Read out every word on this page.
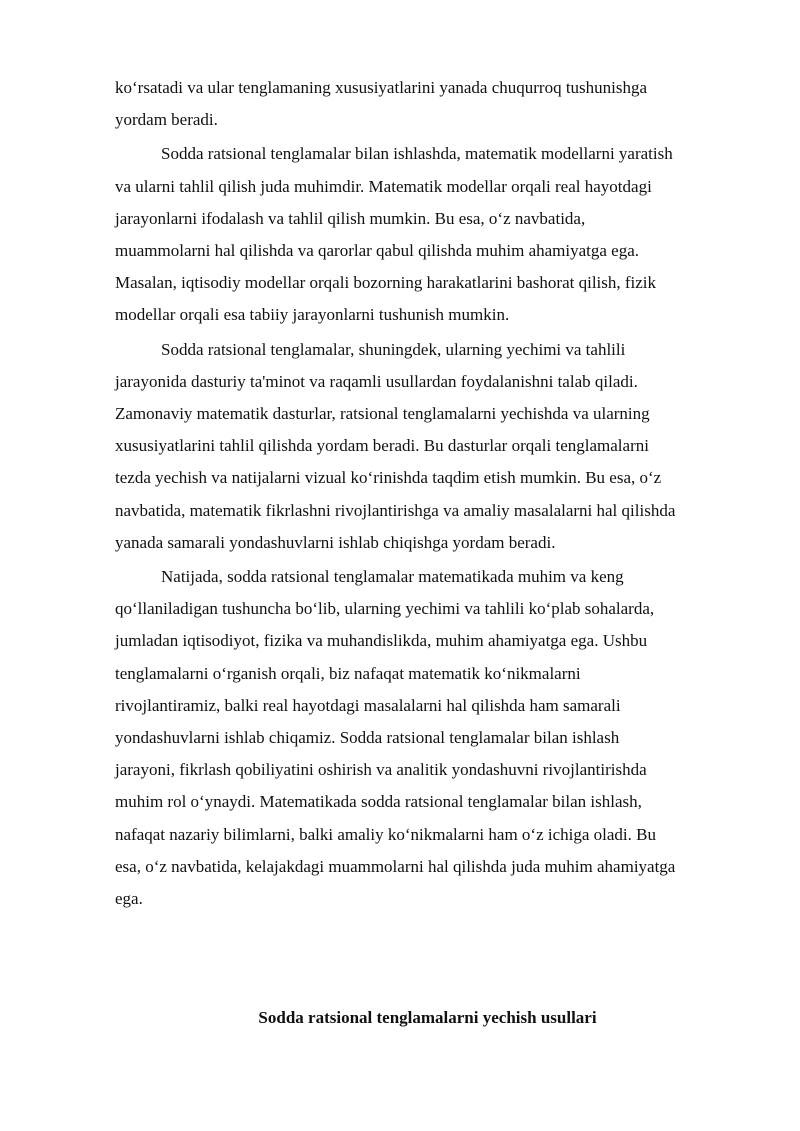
ko‘rsatadi va ular tenglamaning xususiyatlarini yanada chuqurroq tushunishga
yordam beradi.
Sodda ratsional tenglamalar bilan ishlashda, matematik modellarni yaratish
va ularni tahlil qilish juda muhimdir. Matematik modellar orqali real hayotdagi
jarayonlarni ifodalash va tahlil qilish mumkin. Bu esa, o‘z navbatida,
muammolarni hal qilishda va qarorlar qabul qilishda muhim ahamiyatga ega.
Masalan, iqtisodiy modellar orqali bozorning harakatlarini bashorat qilish, fizik
modellar orqali esa tabiiy jarayonlarni tushunish mumkin.
Sodda ratsional tenglamalar, shuningdek, ularning yechimi va tahlili
jarayonida dasturiy ta'minot va raqamli usullardan foydalanishni talab qiladi.
Zamonaviy matematik dasturlar, ratsional tenglamalarni yechishda va ularning
xususiyatlarini tahlil qilishda yordam beradi. Bu dasturlar orqali tenglamalarni
tezda yechish va natijalarni vizual ko‘rinishda taqdim etish mumkin. Bu esa, o‘z
navbatida, matematik fikrlashni rivojlantirishga va amaliy masalalarni hal qilishda
yanada samarali yondashuvlarni ishlab chiqishga yordam beradi.
Natijada, sodda ratsional tenglamalar matematikada muhim va keng
qo‘llaniladigan tushuncha bo‘lib, ularning yechimi va tahlili ko‘plab sohalarda,
jumladan iqtisodiyot, fizika va muhandislikda, muhim ahamiyatga ega. Ushbu
tenglamalarni o‘rganish orqali, biz nafaqat matematik ko‘nikmalarni
rivojlantiramiz, balki real hayotdagi masalalarni hal qilishda ham samarali
yondashuvlarni ishlab chiqamiz. Sodda ratsional tenglamalar bilan ishlash
jarayoni, fikrlash qobiliyatini oshirish va analitik yondashuvni rivojlantirishda
muhim rol o‘ynaydi. Matematikada sodda ratsional tenglamalar bilan ishlash,
nafaqat nazariy bilimlarni, balki amaliy ko‘nikmalarni ham o‘z ichiga oladi. Bu
esa, o‘z navbatida, kelajakdagi muammolarni hal qilishda juda muhim ahamiyatga
ega.
Sodda ratsional tenglamalarni yechish usullari
